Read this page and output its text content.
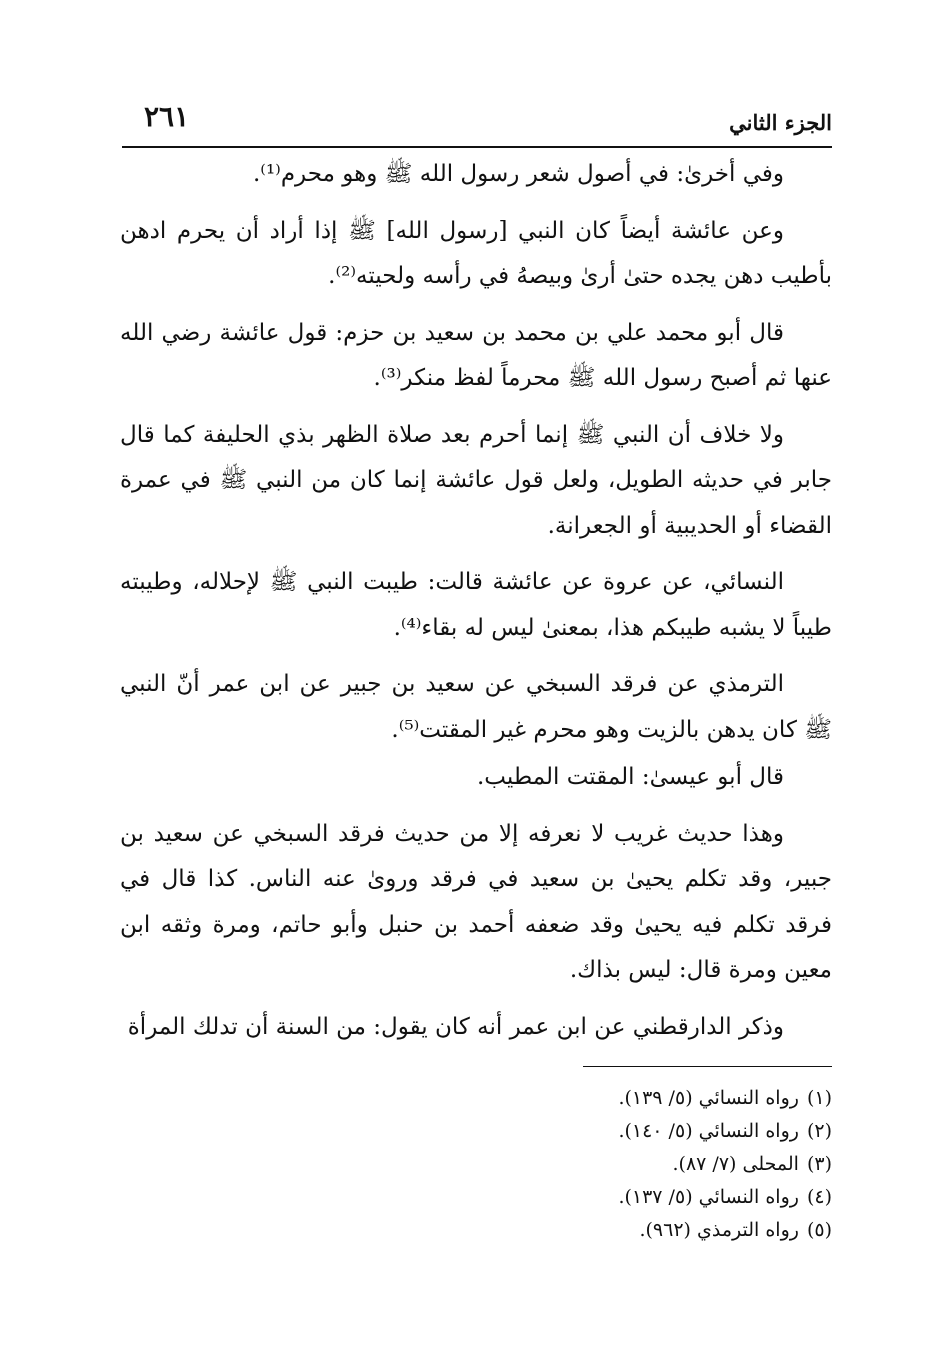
الجزء الثاني
٢٦١

وفي أخرىٰ: في أصول شعر رسول الله ﷺ وهو محرم⁽¹⁾.

وعن عائشة أيضاً كان النبي [رسول الله] ﷺ إذا أراد أن يحرم ادهن بأطيب دهن يجده حتىٰ أرىٰ وبيصهُ في رأسه ولحيته⁽²⁾.

قال أبو محمد علي بن محمد بن سعيد بن حزم: قول عائشة رضي الله عنها ثم أصبح رسول الله ﷺ محرماً لفظ منكر⁽³⁾.

ولا خلاف أن النبي ﷺ إنما أحرم بعد صلاة الظهر بذي الحليفة كما قال جابر في حديثه الطويل، ولعل قول عائشة إنما كان من النبي ﷺ في عمرة القضاء أو الحديبية أو الجعرانة.

النسائي، عن عروة عن عائشة قالت: طيبت النبي ﷺ لإحلاله، وطيبته طيباً لا يشبه طيبكم هذا، بمعنىٰ ليس له بقاء⁽⁴⁾.

الترمذي عن فرقد السبخي عن سعيد بن جبير عن ابن عمر أنّ النبي ﷺ كان يدهن بالزيت وهو محرم غير المقتت⁽⁵⁾.

قال أبو عيسىٰ: المقتت المطيب.

وهذا حديث غريب لا نعرفه إلا من حديث فرقد السبخي عن سعيد بن جبير، وقد تكلم يحيىٰ بن سعيد في فرقد وروىٰ عنه الناس. كذا قال في فرقد تكلم فيه يحيىٰ وقد ضعفه أحمد بن حنبل وأبو حاتم، ومرة وثقه ابن معين ومرة قال: ليس بذاك.

وذكر الدارقطني عن ابن عمر أنه كان يقول: من السنة أن تدلك المرأة

(١)رواه النسائي (٥/ ١٣٩).

(٢)رواه النسائي (٥/ ١٤٠).

(٣)المحلى (٧/ ٨٧).

(٤)رواه النسائي (٥/ ١٣٧).

(٥)رواه الترمذي (٩٦٢).
